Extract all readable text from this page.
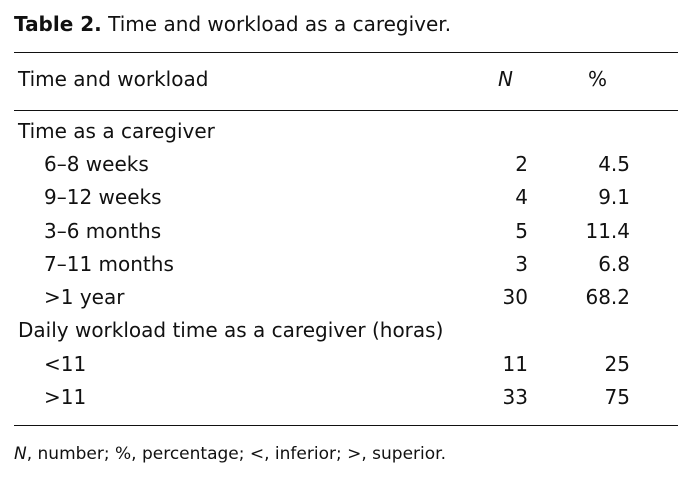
Table 2. Time and workload as a caregiver.
Time and workload	N	%
Time as a caregiver
6–8 weeks	2	4.5
9–12 weeks	4	9.1
3–6 months	5	11.4
7–11 months	3	6.8
>1 year	30	68.2
Daily workload time as a caregiver (horas)
<11	11	25
>11	33	75
N, number; %, percentage; <, inferior; >, superior.
